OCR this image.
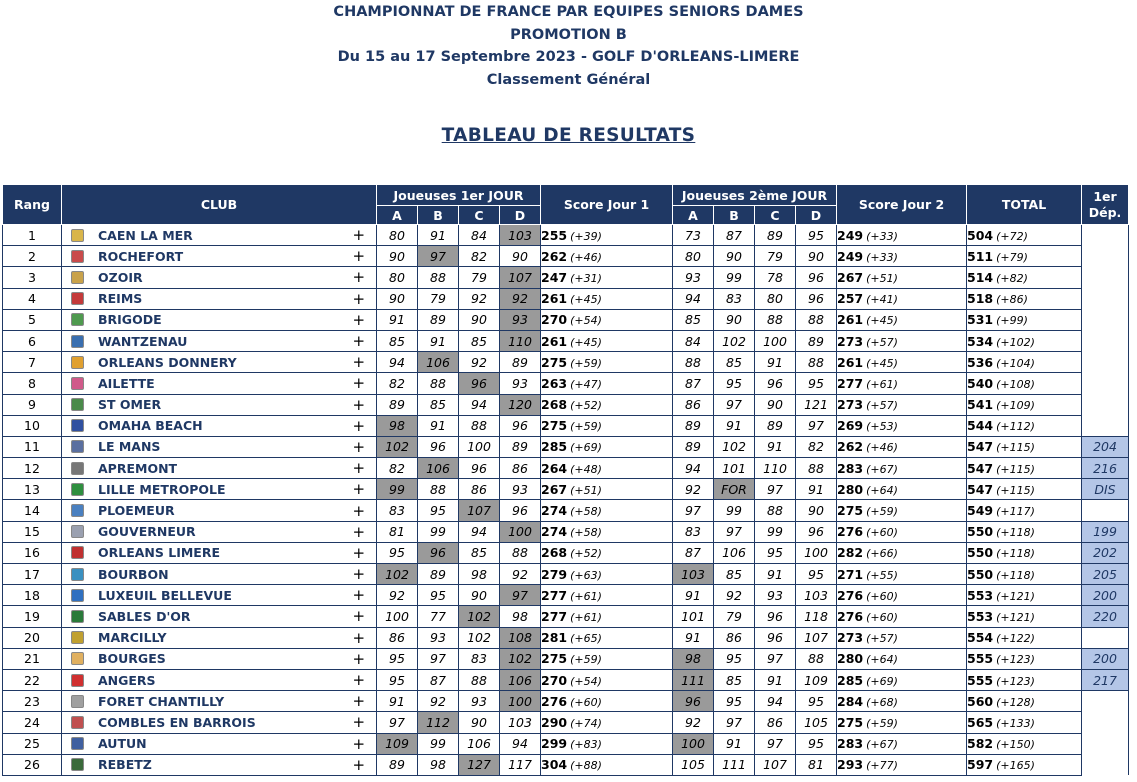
CHAMPIONNAT DE FRANCE PAR EQUIPES SENIORS DAMES
PROMOTION B
Du 15 au 17 Septembre 2023 - GOLF D'ORLEANS-LIMERE
Classement Général
TABLEAU DE RESULTATS
Rang	CLUB		Joueuses 1er JOUR				Score Jour 1	Joueuses 2ème JOUR				Score Jour 2	TOTAL	1er Dép.
			A	B	C	D		A	B	C	D			
1	CAEN LA MER	+	80	91	84	103	255 (+39)	73	87	89	95	249 (+33)	504 (+72)	
2	ROCHEFORT	+	90	97	82	90	262 (+46)	80	90	79	90	249 (+33)	511 (+79)	
3	OZOIR	+	80	88	79	107	247 (+31)	93	99	78	96	267 (+51)	514 (+82)	
4	REIMS	+	90	79	92	92	261 (+45)	94	83	80	96	257 (+41)	518 (+86)	
5	BRIGODE	+	91	89	90	93	270 (+54)	85	90	88	88	261 (+45)	531 (+99)	
6	WANTZENAU	+	85	91	85	110	261 (+45)	84	102	100	89	273 (+57)	534 (+102)	
7	ORLEANS DONNERY	+	94	106	92	89	275 (+59)	88	85	91	88	261 (+45)	536 (+104)	
8	AILETTE	+	82	88	96	93	263 (+47)	87	95	96	95	277 (+61)	540 (+108)	
9	ST OMER	+	89	85	94	120	268 (+52)	86	97	90	121	273 (+57)	541 (+109)	
10	OMAHA BEACH	+	98	91	88	96	275 (+59)	89	91	89	97	269 (+53)	544 (+112)	
11	LE MANS	+	102	96	100	89	285 (+69)	89	102	91	82	262 (+46)	547 (+115)	204
12	APREMONT	+	82	106	96	86	264 (+48)	94	101	110	88	283 (+67)	547 (+115)	216
13	LILLE METROPOLE	+	99	88	86	93	267 (+51)	92	FOR	97	91	280 (+64)	547 (+115)	DIS
14	PLOEMEUR	+	83	95	107	96	274 (+58)	97	99	88	90	275 (+59)	549 (+117)	
15	GOUVERNEUR	+	81	99	94	100	274 (+58)	83	97	99	96	276 (+60)	550 (+118)	199
16	ORLEANS LIMERE	+	95	96	85	88	268 (+52)	87	106	95	100	282 (+66)	550 (+118)	202
17	BOURBON	+	102	89	98	92	279 (+63)	103	85	91	95	271 (+55)	550 (+118)	205
18	LUXEUIL BELLEVUE	+	92	95	90	97	277 (+61)	91	92	93	103	276 (+60)	553 (+121)	200
19	SABLES D'OR	+	100	77	102	98	277 (+61)	101	79	96	118	276 (+60)	553 (+121)	220
20	MARCILLY	+	86	93	102	108	281 (+65)	91	86	96	107	273 (+57)	554 (+122)	
21	BOURGES	+	95	97	83	102	275 (+59)	98	95	97	88	280 (+64)	555 (+123)	200
22	ANGERS	+	95	87	88	106	270 (+54)	111	85	91	109	285 (+69)	555 (+123)	217
23	FORET CHANTILLY	+	91	92	93	100	276 (+60)	96	95	94	95	284 (+68)	560 (+128)	
24	COMBLES EN BARROIS	+	97	112	90	103	290 (+74)	92	97	86	105	275 (+59)	565 (+133)	
25	AUTUN	+	109	99	106	94	299 (+83)	100	91	97	95	283 (+67)	582 (+150)	
26	REBETZ	+	89	98	127	117	304 (+88)	105	111	107	81	293 (+77)	597 (+165)	
